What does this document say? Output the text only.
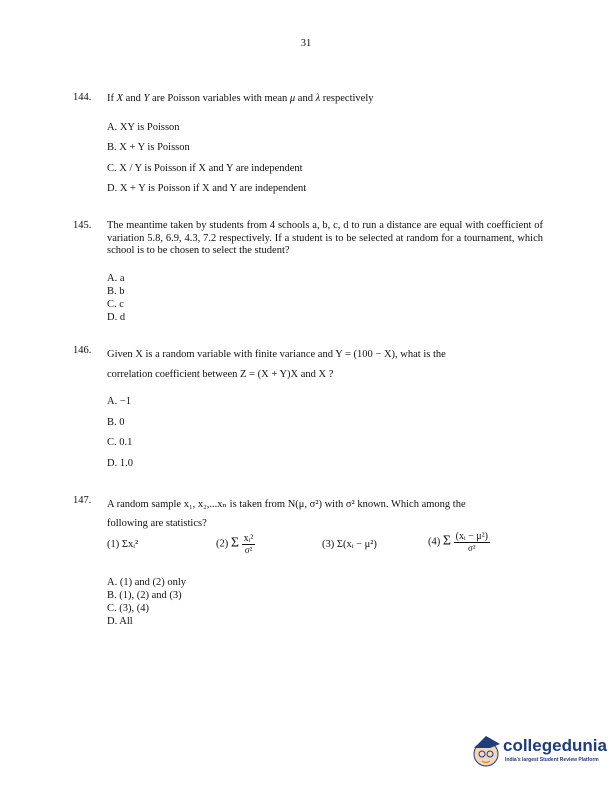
31
144. If X and Y are Poisson variables with mean μ and λ respectively
A. XY is Poisson
B. X + Y is Poisson
C. X / Y is Poisson if X and Y are independent
D. X + Y is Poisson if X and Y are independent
145. The meantime taken by students from 4 schools a, b, c, d to run a distance are equal with coefficient of variation 5.8, 6.9, 4.3, 7.2 respectively. If a student is to be selected at random for a tournament, which school is to be chosen to select the student?
A. a
B. b
C. c
D. d
146. Given X is a random variable with finite variance and Y = (100 − X), what is the
correlation coefficient between Z = (X + Y)X and X ?
A. −1
B. 0
C. 0.1
D. 1.0
147. A random sample x₁, x₂,...xₙ is taken from N(μ, σ²) with σ² known. Which among the
following are statistics?
(1) Σxᵢ²	(2) Σ $\frac{\text{xᵢ²}}{\text{σ²}}$	(3) Σ(xᵢ − μ²)	(4) Σ $\frac{\text{(xᵢ − μ²)}}{\text{σ²}}$
A. (1) and (2) only
B. (1), (2) and (3)
C. (3), (4)
D. All
collegedunia
India's largest Student Review Platform
